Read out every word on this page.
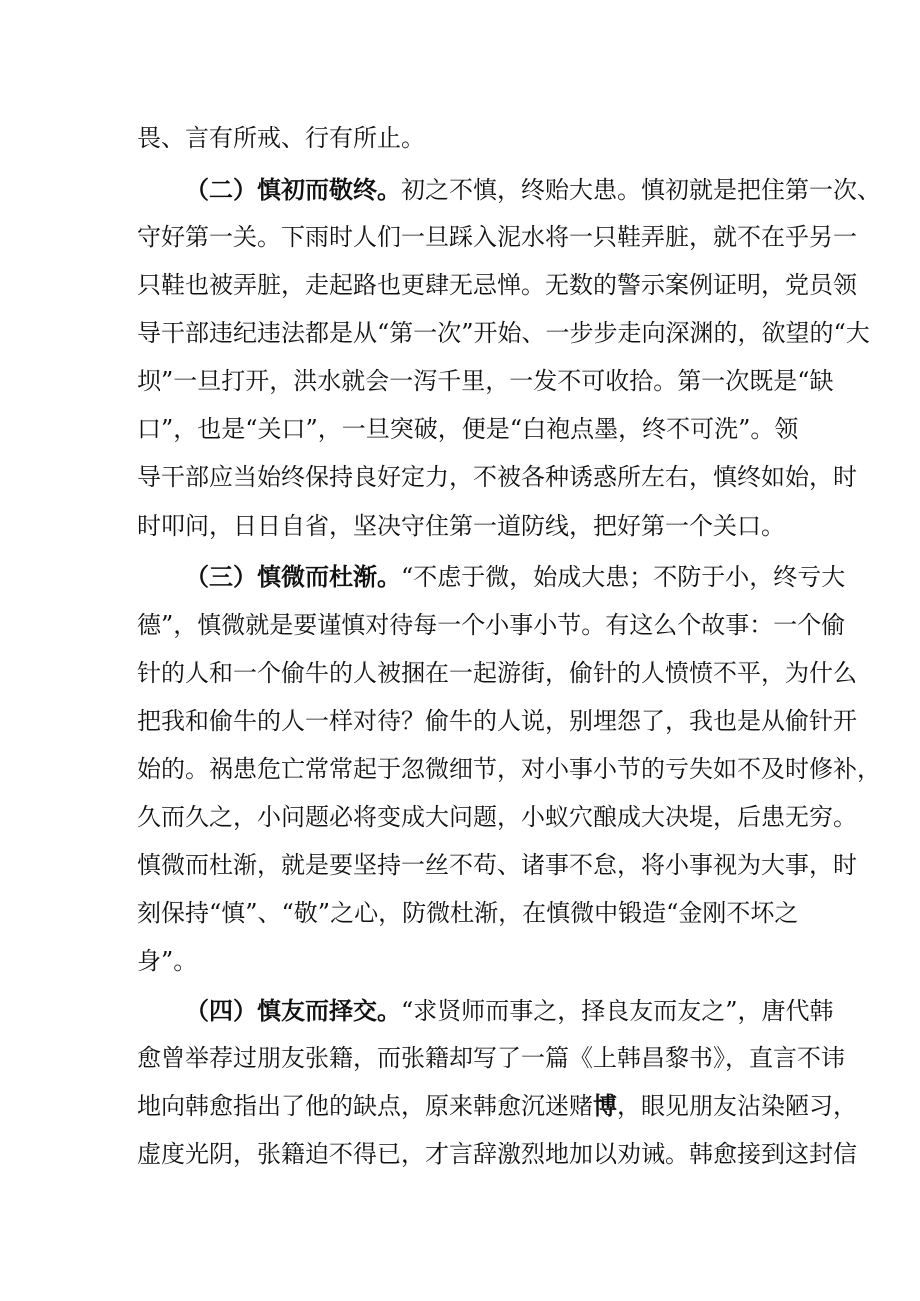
畏、言有所戒、行有所止。
（二）慎初而敬终。初之不慎，终贻大患。慎初就是把住第一次、
守好第一关。下雨时人们一旦踩入泥水将一只鞋弄脏，就不在乎另一
只鞋也被弄脏，走起路也更肆无忌惮。无数的警示案例证明，党员领
导干部违纪违法都是从“第一次”开始、一步步走向深渊的，欲望的“大
坝”一旦打开，洪水就会一泻千里，一发不可收拾。第一次既是“缺
口”，也是“关口”，一旦突破，便是“白袍点墨，终不可洗”。领
导干部应当始终保持良好定力，不被各种诱惑所左右，慎终如始，时
时叩问，日日自省，坚决守住第一道防线，把好第一个关口。
（三）慎微而杜渐。“不虑于微，始成大患；不防于小，终亏大
德”，慎微就是要谨慎对待每一个小事小节。有这么个故事：一个偷
针的人和一个偷牛的人被捆在一起游街，偷针的人愤愤不平，为什么
把我和偷牛的人一样对待？偷牛的人说，别埋怨了，我也是从偷针开
始的。祸患危亡常常起于忽微细节，对小事小节的亏失如不及时修补，
久而久之，小问题必将变成大问题，小蚁穴酿成大决堤，后患无穷。
慎微而杜渐，就是要坚持一丝不苟、诸事不怠，将小事视为大事，时
刻保持“慎”、“敬”之心，防微杜渐，在慎微中锻造“金刚不坏之
身”。
（四）慎友而择交。“求贤师而事之，择良友而友之”，唐代韩
愈曾举荐过朋友张籍，而张籍却写了一篇《上韩昌黎书》，直言不讳
地向韩愈指出了他的缺点，原来韩愈沉迷赌博，眼见朋友沾染陋习，
虚度光阴，张籍迫不得已，才言辞激烈地加以劝诫。韩愈接到这封信
